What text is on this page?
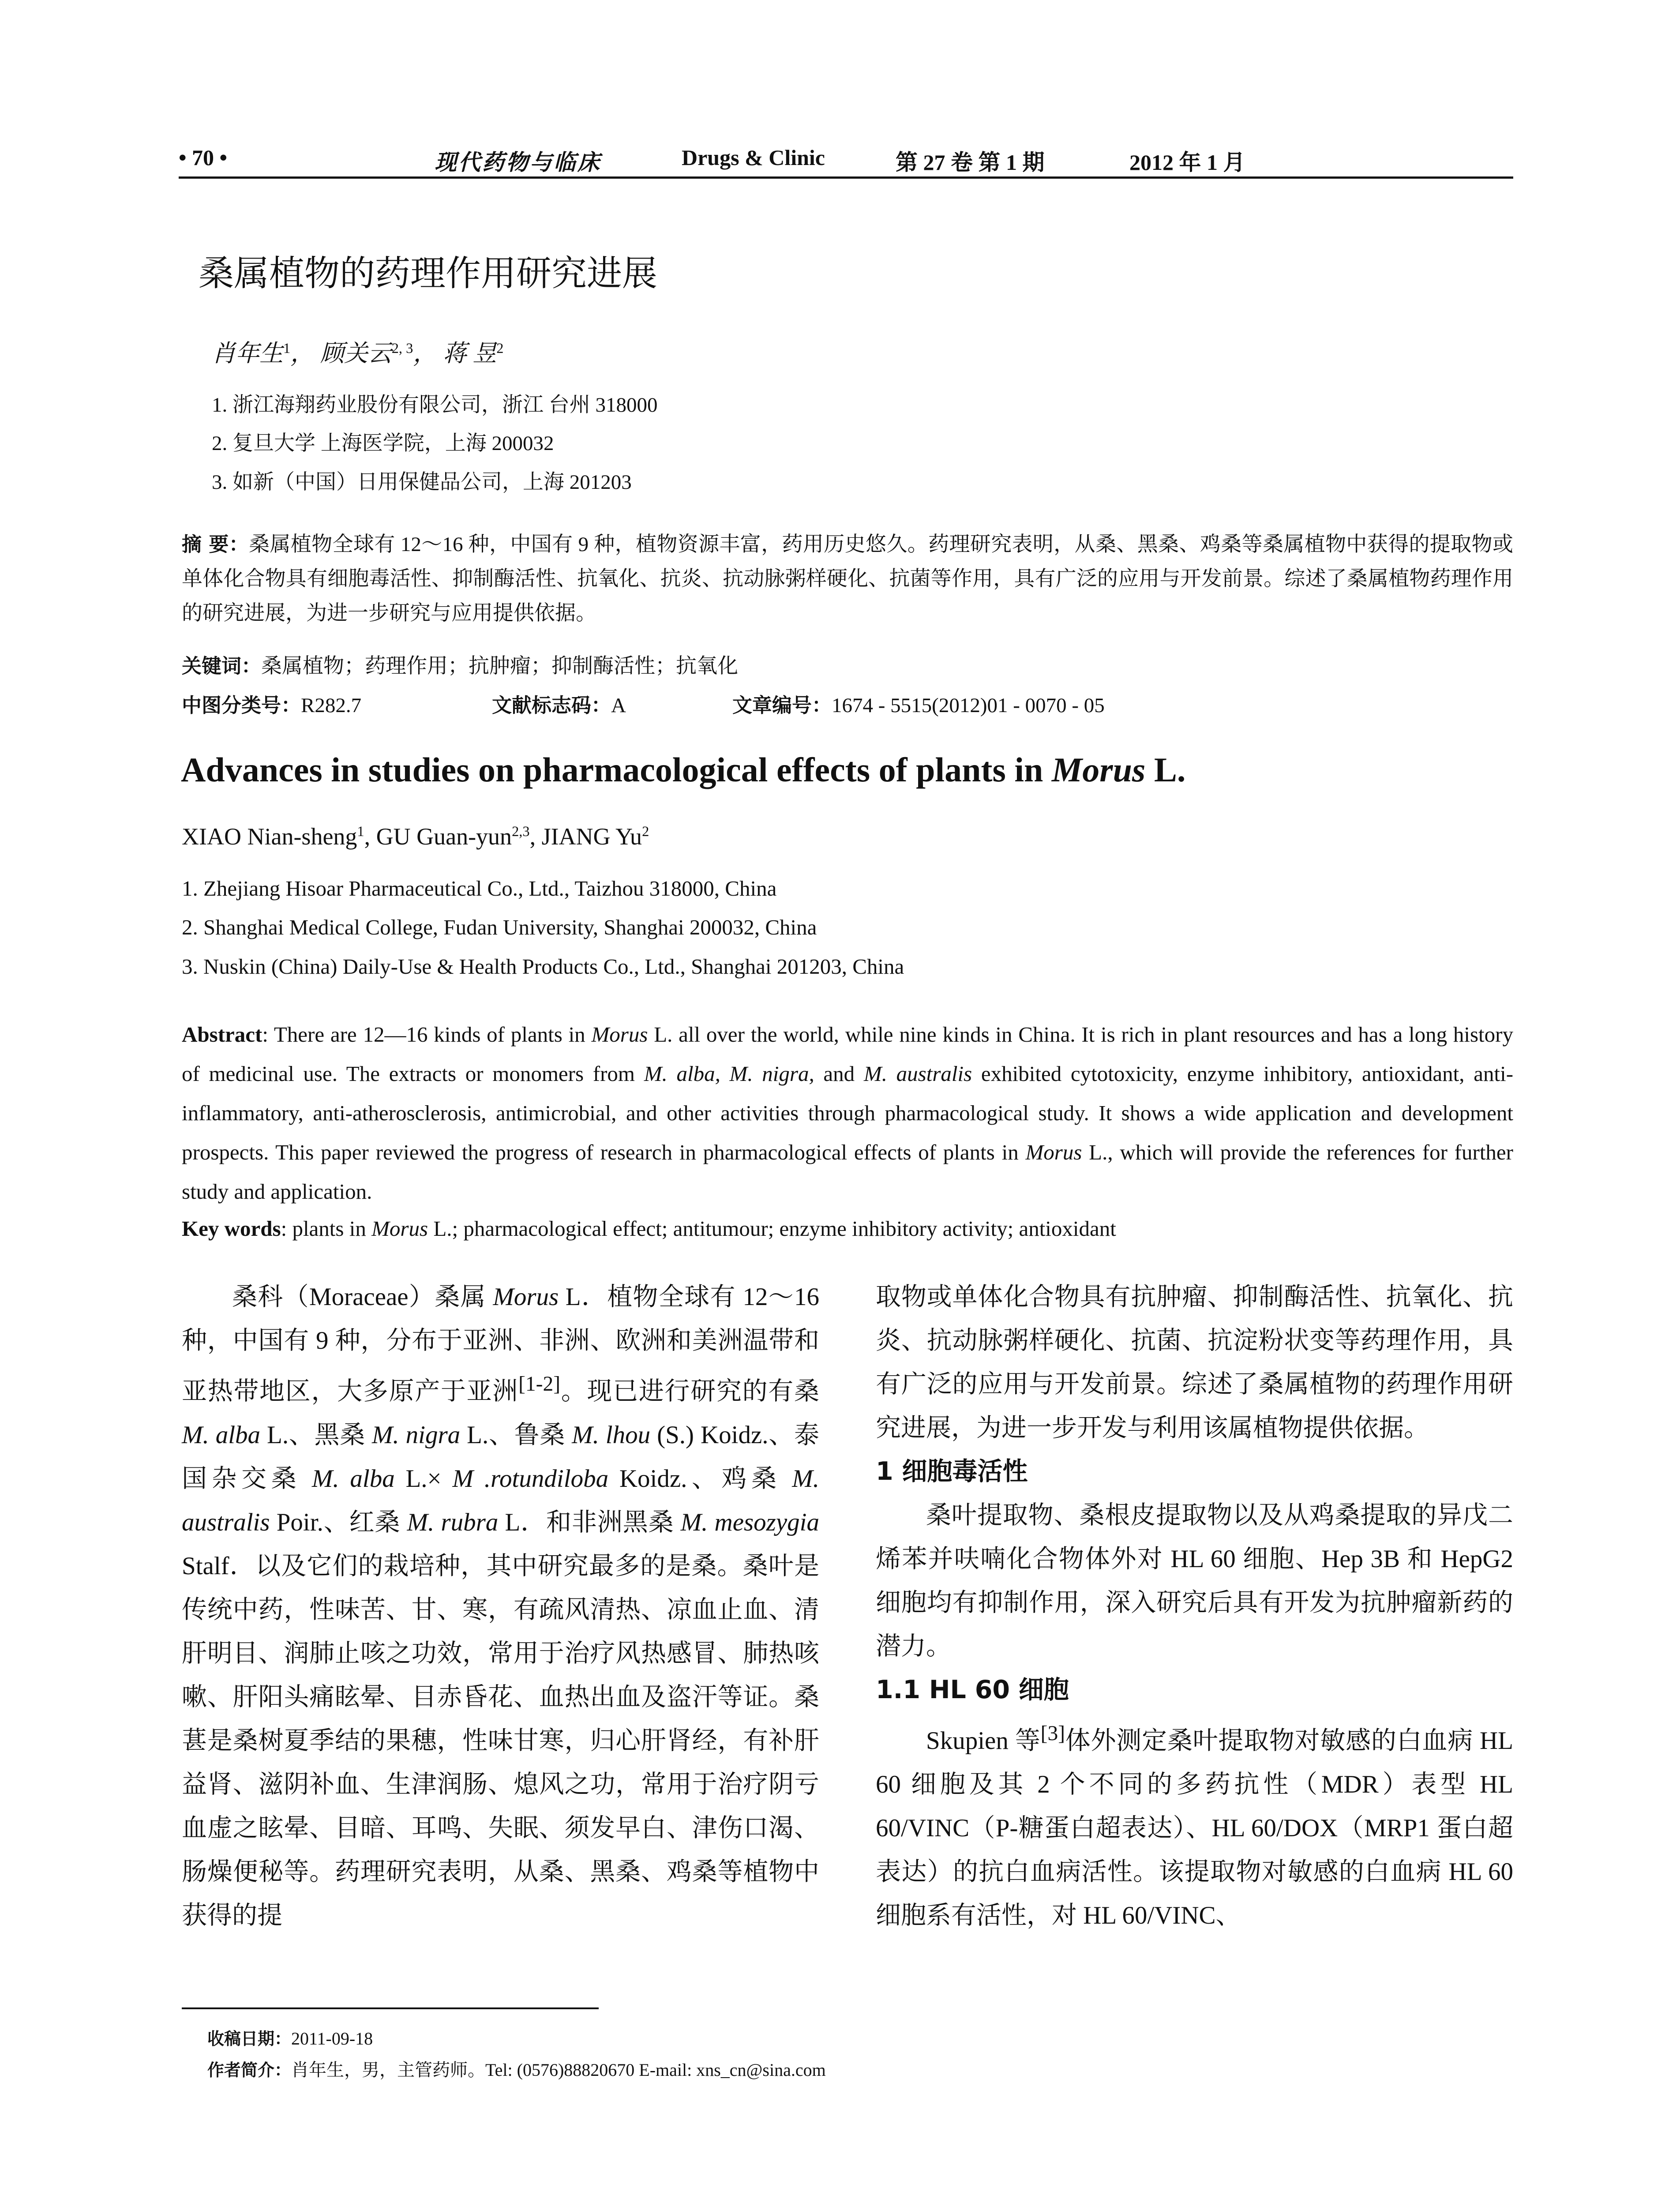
• 70 •	现代药物与临床	Drugs & Clinic	第 27 卷 第 1 期	2012 年 1 月
桑属植物的药理作用研究进展
肖年生$^1$， 顾关云$^{2, 3}$， 蒋 昱$^2$
1. 浙江海翔药业股份有限公司，浙江 台州 318000
2. 复旦大学 上海医学院，上海 200032
3. 如新（中国）日用保健品公司，上海 201203
摘 要：桑属植物全球有 12～16 种，中国有 9 种，植物资源丰富，药用历史悠久。药理研究表明，从桑、黑桑、鸡桑等桑属植物中获得的提取物或单体化合物具有细胞毒活性、抑制酶活性、抗氧化、抗炎、抗动脉粥样硬化、抗菌等作用，具有广泛的应用与开发前景。综述了桑属植物药理作用的研究进展，为进一步研究与应用提供依据。
关键词：桑属植物；药理作用；抗肿瘤；抑制酶活性；抗氧化
中图分类号：R282.7	文献标志码：A	文章编号：1674 - 5515(2012)01 - 0070 - 05
Advances in studies on pharmacological effects of plants in Morus L.
XIAO Nian-sheng$^1$, GU Guan-yun$^{2,3}$, JIANG Yu$^2$
1. Zhejiang Hisoar Pharmaceutical Co., Ltd., Taizhou 318000, China
2. Shanghai Medical College, Fudan University, Shanghai 200032, China
3. Nuskin (China) Daily-Use & Health Products Co., Ltd., Shanghai 201203, China
Abstract: There are 12—16 kinds of plants in Morus L. all over the world, while nine kinds in China. It is rich in plant resources and has a long history of medicinal use. The extracts or monomers from M. alba, M. nigra, and M. australis exhibited cytotoxicity, enzyme inhibitory, antioxidant, anti-inflammatory, anti-atherosclerosis, antimicrobial, and other activities through pharmacological study. It shows a wide application and development prospects. This paper reviewed the progress of research in pharmacological effects of plants in Morus L., which will provide the references for further study and application.
Key words: plants in Morus L.; pharmacological effect; antitumour; enzyme inhibitory activity; antioxidant

桑科（Moraceae）桑属 Morus L．植物全球有 12～16 种，中国有 9 种，分布于亚洲、非洲、欧洲和美洲温带和亚热带地区，大多原产于亚洲[1-2]。现已进行研究的有桑 M. alba L.、黑桑 M. nigra L.、鲁桑 M. lhou (S.) Koidz.、泰国杂交桑 M. alba L.× M .rotundiloba Koidz.、鸡桑 M. australis Poir.、红桑 M. rubra L．和非洲黑桑 M. mesozygia Stalf．以及它们的栽培种，其中研究最多的是桑。桑叶是传统中药，性味苦、甘、寒，有疏风清热、凉血止血、清肝明目、润肺止咳之功效，常用于治疗风热感冒、肺热咳嗽、肝阳头痛眩晕、目赤昏花、血热出血及盗汗等证。桑葚是桑树夏季结的果穗，性味甘寒，归心肝肾经，有补肝益肾、滋阴补血、生津润肠、熄风之功，常用于治疗阴亏血虚之眩晕、目暗、耳鸣、失眠、须发早白、津伤口渴、肠燥便秘等。药理研究表明，从桑、黑桑、鸡桑等植物中获得的提

取物或单体化合物具有抗肿瘤、抑制酶活性、抗氧化、抗炎、抗动脉粥样硬化、抗菌、抗淀粉状变等药理作用，具有广泛的应用与开发前景。综述了桑属植物的药理作用研究进展，为进一步开发与利用该属植物提供依据。

1 细胞毒活性

桑叶提取物、桑根皮提取物以及从鸡桑提取的异戊二烯苯并呋喃化合物体外对 HL 60 细胞、Hep 3B 和 HepG2 细胞均有抑制作用，深入研究后具有开发为抗肿瘤新药的潜力。

1.1 HL 60 细胞

Skupien 等[3]体外测定桑叶提取物对敏感的白血病 HL 60 细胞及其 2 个不同的多药抗性（MDR）表型 HL 60/VINC（P-糖蛋白超表达）、HL 60/DOX（MRP1 蛋白超表达）的抗白血病活性。该提取物对敏感的白血病 HL 60 细胞系有活性，对 HL 60/VINC、

收稿日期：2011-09-18
作者简介：肖年生，男，主管药师。Tel: (0576)88820670 E-mail: xns_cn@sina.com
